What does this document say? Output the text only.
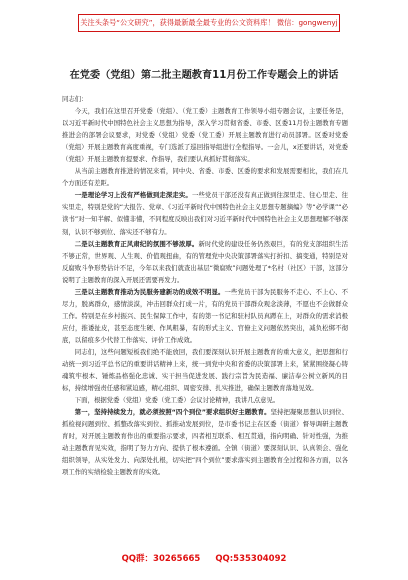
关注头条号“公文研究”，获得最新最全最专业的公文资料库！ 微信：gongwenyj
在党委（党组）第二批主题教育11月份工作专题会上的讲话

同志们：

今天，我们在这里召开党委（党组）、（党工委）主题教育工作领导小组专题会议，主要任务是，以习近平新时代中国特色社会主义思想为指导，深入学习贯彻省委、市委、区委11月份主题教育专题推进会的部署会议要求，对党委（党组）党委（党工委）开展主题教育进行动员部署。区委对党委（党组）开展主题教育高度重视，专门选派了巡回指导组进行全程指导。一会儿，x还要讲话，对党委（党组）开展主题教育提要求、作指导，我们要认真抓好贯彻落实。

从当前主题教育推进的情况来看，同中央、省委、市委、区委的要求和发展需要相比，我们在几个方面还有差距。

一是理论学习上没有严格做到走深走实。一些党员干部还没有真正做到往深里走、往心里走、往实里走，特别是党的“大报告、党章、《习近平新时代中国特色社会主义思想专题摘编》等“必学课”“必读书”对一知半解、似懂非懂，不同程度反映出我们对习近平新时代中国特色社会主义思想理解不够深刻，认识不够到位、落实还不够有力。

二是以主题教育正风肃纪的氛围不够浓厚。新时代党的建设任务仍然艰巨，有的党支部组织生活不够正常，世界观、人生观、价值观扭曲，有的管理党中央决策部署落实打折扣、搞变通，特别是对反腐败斗争形势估计不足，今年以来我们就查出基层“微腐败”问题处理了*名村（社区）干部，这部分说明了主题教育的深入开展还需要再发力。

三是以主题教育推动为民服务建新功的成效不明显。一些党员干部为民服务不走心、不上心、不尽力，脱离群众，感情淡漠，冲击回群众打成一片，有的党员干部群众观念淡薄，不愿也不会做群众工作。特别是在乡村振兴、民生保障工作中，有的第一书记和驻村队员真蹲在上，对群众的需求消极应付，推诿扯皮，甚至态度生硬、作风粗暴，有的形式主义、官僚主义问题依然突出，减负松绑不彻底，以留痕多少代替工作落实、评价工作成效。

同志们，这些问题短板我们绝不能放回，我们要深刻认识开展主题教育的重大意义，把思想和行动统一到习近平总书记的重要讲话精神上来，统一到党中央和省委的决策部署上来，紧紧围绕凝心铸魂筑牢根本、锤炼品格强化忠诚、实干担当促进发展、践行宗旨为民造福、廉洁奉公树立新风的目标，持续增强责任感和紧迫感，精心组织、周密安排、扎实推进，确保主题教育落地见效。

下面，根据党委（党组）党委（党工委）会议讨论精神，我讲几点意见。

第一，坚持持续发力，就必须按照“四个到位”要求组织好主题教育。坚持把凝聚思想认识到位、抓检视问题到位、抓整改落实到位、抓推动发展到位，是市委书记主在区委（街道）督导调研主题教育时，对开展主题教育作出的重要指示要求，四者相互联系、相互贯通，指向明确、针对性强，为推动主题教育见实效，指明了努力方向、提供了根本遵循。全镇（街道）要深刻认识、认真领会、强化组织领导，从实处发力、向深处扎根，切实把“四个到位”要求落实到主题教育全过程和各方面，以各项工作的实绩检验主题教育的实效。

QQ群：30265665 QQ:535304092
